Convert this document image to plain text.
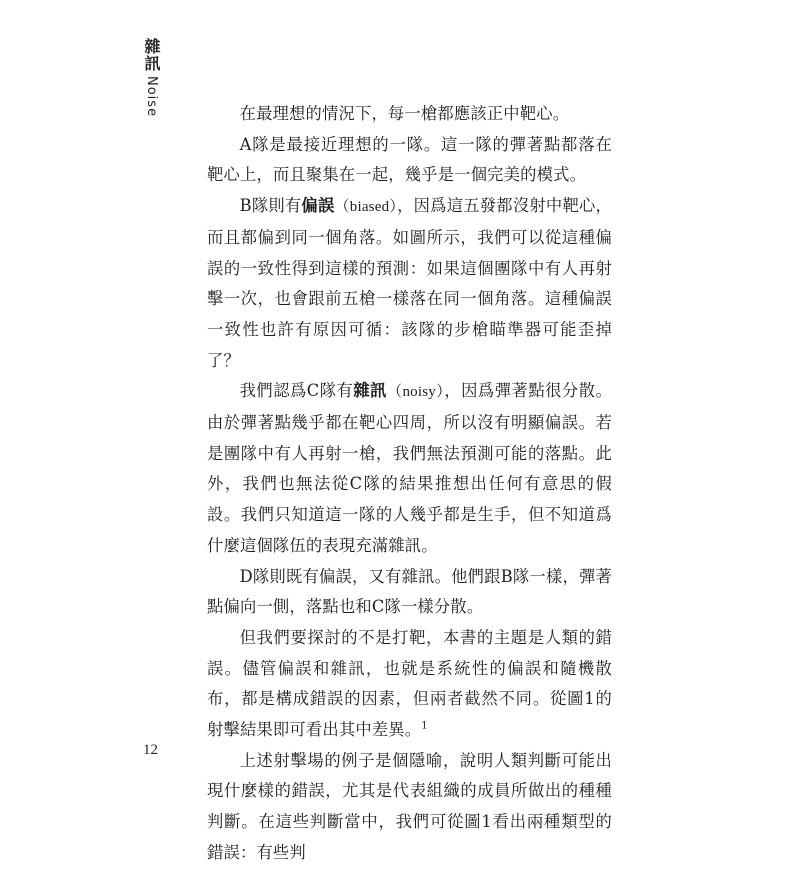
雜訊Noise	在最理想的情況下，每一槍都應該正中靶心。

A隊是最接近理想的一隊。這一隊的彈著點都落在靶心上，而且聚集在一起，幾乎是一個完美的模式。

B隊則有偏誤（biased），因爲這五發都沒射中靶心，而且都偏到同一個角落。如圖所示，我們可以從這種偏誤的一致性得到這樣的預測：如果這個團隊中有人再射擊一次，也會跟前五槍一樣落在同一個角落。這種偏誤一致性也許有原因可循：該隊的步槍瞄準器可能歪掉了？

我們認爲C隊有雜訊（noisy），因爲彈著點很分散。由於彈著點幾乎都在靶心四周，所以沒有明顯偏誤。若是團隊中有人再射一槍，我們無法預測可能的落點。此外，我們也無法從C隊的結果推想出任何有意思的假設。我們只知道這一隊的人幾乎都是生手，但不知道爲什麼這個隊伍的表現充滿雜訊。

D隊則既有偏誤，又有雜訊。他們跟B隊一樣，彈著點偏向一側，落點也和C隊一樣分散。

但我們要探討的不是打靶，本書的主題是人類的錯誤。儘管偏誤和雜訊，也就是系統性的偏誤和隨機散布，都是構成錯誤的因素，但兩者截然不同。從圖1的射擊結果即可看出其中差異。$^1$

上述射擊場的例子是個隱喻，說明人類判斷可能出現什麼樣的錯誤，尤其是代表組織的成員所做出的種種判斷。在這些判斷當中，我們可從圖1看出兩種類型的錯誤：有些判

12
